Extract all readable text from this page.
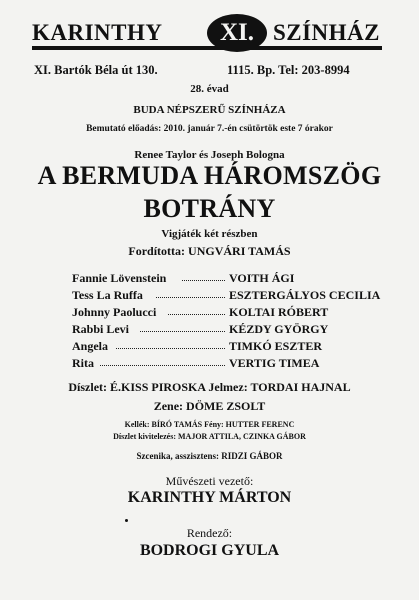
KARINTHY	XI. SZÍNHÁZ
XI. Bartók Béla út 130.	1115. Bp. Tel: 203-8994
28. évad
BUDA NÉPSZERŰ SZÍNHÁZA
Bemutató előadás: 2010. január 7.-én csütörtök este 7 órakor
Renee Taylor és Joseph Bologna
A BERMUDA HÁROMSZÖG
BOTRÁNY
Vigjáték két részben
Fordította: UNGVÁRI TAMÁS
Fannie Lövenstein	VOITH ÁGI
Tess La Ruffa	ESZTERGÁLYOS CECILIA
Johnny Paolucci	KOLTAI RÓBERT
Rabbi Levi	KÉZDY GYÖRGY
Angela	TIMKÓ ESZTER
Rita	VERTIG TIMEA
Díszlet: É.KISS PIROSKA Jelmez: TORDAI HAJNAL
Zene: DÖME ZSOLT
Kellék: BÍRÓ TAMÁS Fény: HUTTER FERENC
Díszlet kivitelezés: MAJOR ATTILA, CZINKA GÁBOR
Szcenika, asszisztens: RIDZI GÁBOR
Művészeti vezető:
KARINTHY MÁRTON
Rendező:
BODROGI GYULA
